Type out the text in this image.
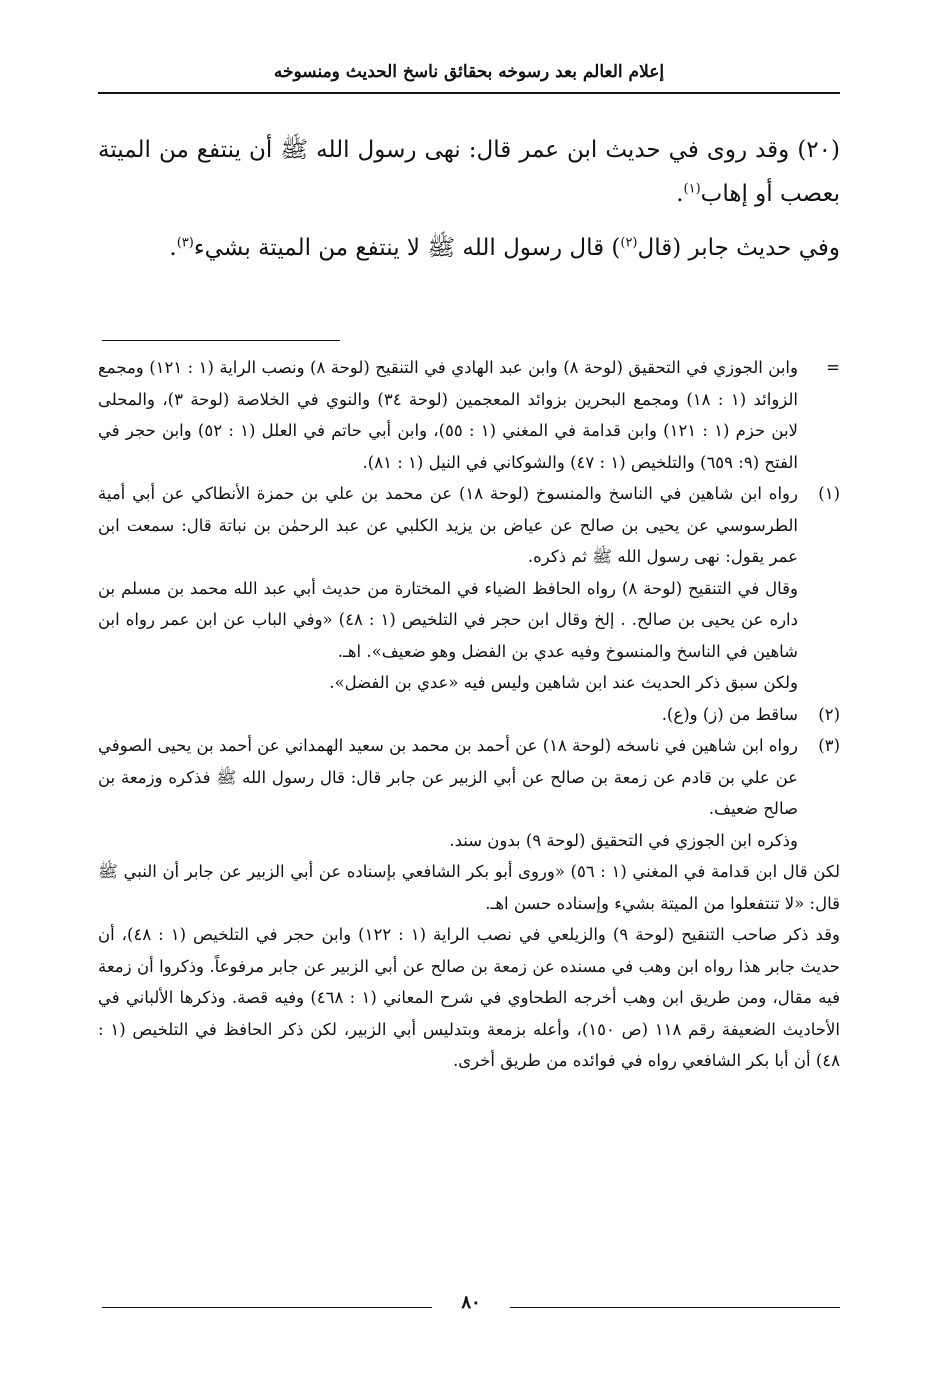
إعلام العالم بعد رسوخه بحقائق ناسخ الحديث ومنسوخه

(٢٠) وقد روى في حديث ابن عمر قال: نهى رسول الله ﷺ أن ينتفع من الميتة بعصب أو إهاب$^{(١)}$.

وفي حديث جابر (قال$^{(٢)}$) قال رسول الله ﷺ لا ينتفع من الميتة بشيء$^{(٣)}$.

=

وابن الجوزي في التحقيق (لوحة ٨) وابن عبد الهادي في التنقيح (لوحة ٨) ونصب الراية (١ : ١٢١) ومجمع الزوائد (١ : ١٨) ومجمع البحرين بزوائد المعجمين (لوحة ٣٤) والنوي في الخلاصة (لوحة ٣)، والمحلى لابن حزم (١ : ١٢١) وابن قدامة في المغني (١ : ٥٥)، وابن أبي حاتم في العلل (١ : ٥٢) وابن حجر في الفتح (٩: ٦٥٩) والتلخيص (١ : ٤٧) والشوكاني في النيل (١ : ٨١).

(١)

رواه ابن شاهين في الناسخ والمنسوخ (لوحة ١٨) عن محمد بن علي بن حمزة الأنطاكي عن أبي أمية الطرسوسي عن يحيى بن صالح عن عياض بن يزيد الكلبي عن عبد الرحمٰن بن نباتة قال: سمعت ابن عمر يقول: نهى رسول الله ﷺ ثم ذكره.

وقال في التنقيح (لوحة ٨) رواه الحافظ الضياء في المختارة من حديث أبي عبد الله محمد بن مسلم بن داره عن يحيى بن صالح. . إلخ وقال ابن حجر في التلخيص (١ : ٤٨) «وفي الباب عن ابن عمر رواه ابن شاهين في الناسخ والمنسوخ وفيه عدي بن الفضل وهو ضعيف». اهـ.

ولكن سبق ذكر الحديث عند ابن شاهين وليس فيه «عدي بن الفضل».

(٢)

ساقط من (ز) و(ع).

(٣)

رواه ابن شاهين في ناسخه (لوحة ١٨) عن أحمد بن محمد بن سعيد الهمداني عن أحمد بن يحيى الصوفي عن علي بن قادم عن زمعة بن صالح عن أبي الزبير عن جابر قال: قال رسول الله ﷺ فذكره وزمعة بن صالح ضعيف.

وذكره ابن الجوزي في التحقيق (لوحة ٩) بدون سند.

لكن قال ابن قدامة في المغني (١ : ٥٦) «وروى أبو بكر الشافعي بإسناده عن أبي الزبير عن جابر أن النبي ﷺ قال: «لا تنتفعلوا من الميتة بشيء وإسناده حسن اهـ.

وقد ذكر صاحب التنقيح (لوحة ٩) والزيلعي في نصب الراية (١ : ١٢٢) وابن حجر في التلخيص (١ : ٤٨)، أن حديث جابر هذا رواه ابن وهب في مسنده عن زمعة بن صالح عن أبي الزبير عن جابر مرفوعاً. وذكروا أن زمعة فيه مقال، ومن طريق ابن وهب أخرجه الطحاوي في شرح المعاني (١ : ٤٦٨) وفيه قصة. وذكرها الألباني في الأحاديث الضعيفة رقم ١١٨ (ص ١٥٠)، وأعله بزمعة وبتدليس أبي الزبير، لكن ذكر الحافظ في التلخيص (١ : ٤٨) أن أبا بكر الشافعي رواه في فوائده من طريق أخرى.

٨٠
